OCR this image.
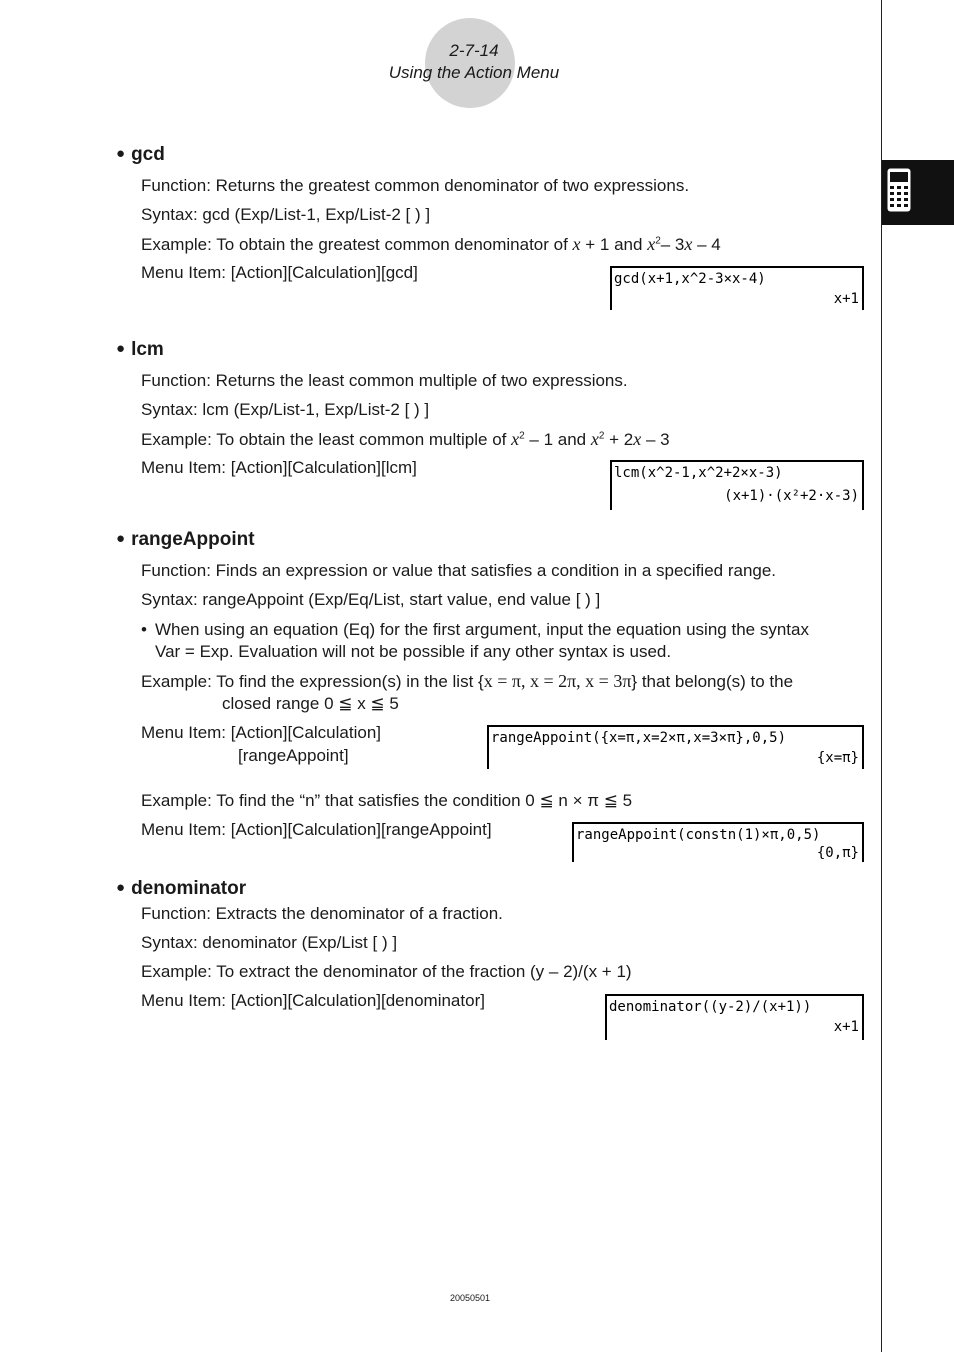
2-7-14
Using the Action Menu
● gcd
Function: Returns the greatest common denominator of two expressions.
Syntax: gcd (Exp/List-1, Exp/List-2 [ ) ]
Example: To obtain the greatest common denominator of x + 1 and $x^2-$ 3x – 4
Menu Item: [Action][Calculation][gcd]	gcd(x+1,x^2-3×x-4)
x+1
● lcm
Function: Returns the least common multiple of two expressions.
Syntax: lcm (Exp/List-1, Exp/List-2 [ ) ]
Example: To obtain the least common multiple of $x^2 - 1$ and $x^2 + 2x - 3$
Menu Item: [Action][Calculation][lcm]	lcm(x^2-1,x^2+2×x-3)
(x+1)·(x²+2·x-3)
● rangeAppoint
Function: Finds an expression or value that satisfies a condition in a specified range.
Syntax: rangeAppoint (Exp/Eq/List, start value, end value [ ) ]
• When using an equation (Eq) for the first argument, input the equation using the syntax
Var = Exp. Evaluation will not be possible if any other syntax is used.
Example: To find the expression(s) in the list {x = π, x = 2π, x = 3π} that belong(s) to the
closed range 0 ≦ x ≦ 5
Menu Item: [Action][Calculation]
[rangeAppoint]
rangeAppoint({x=π,x=2×π,x=3×π},0,5)
{x=π}
Example: To find the “n” that satisfies the condition 0 ≦ n × π ≦ 5
Menu Item: [Action][Calculation][rangeAppoint]	rangeAppoint(constn(1)×π,0,5)
{0,π}
● denominator
Function: Extracts the denominator of a fraction.
Syntax: denominator (Exp/List [ ) ]
Example: To extract the denominator of the fraction (y – 2)/(x + 1)
Menu Item: [Action][Calculation][denominator]	denominator((y-2)/(x+1))
x+1
20050501
